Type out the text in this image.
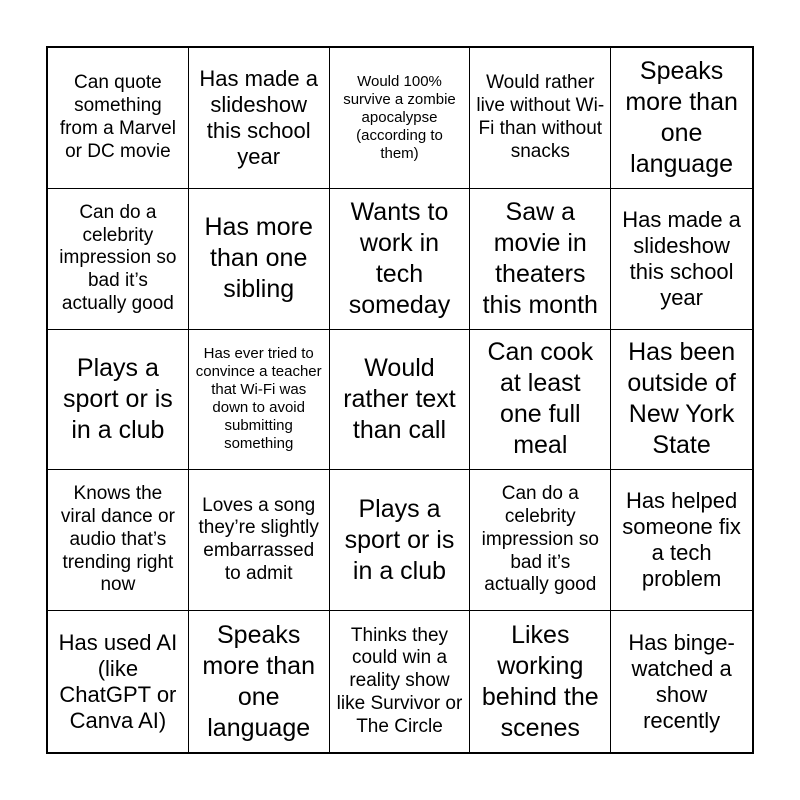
Can quote something from a Marvel or DC movie
Has made a slideshow this school year
Would 100% survive a zombie apocalypse (according to them)
Would rather live without Wi-Fi than without snacks
Speaks more than one language
Can do a celebrity impression so bad it’s actually good
Has more than one sibling
Wants to work in tech someday
Saw a movie in theaters this month
Has made a slideshow this school year
Plays a sport or is in a club
Has ever tried to convince a teacher that Wi-Fi was down to avoid submitting something
Would rather text than call
Can cook at least one full meal
Has been outside of New York State
Knows the viral dance or audio that’s trending right now
Loves a song they’re slightly embarrassed to admit
Plays a sport or is in a club
Can do a celebrity impression so bad it’s actually good
Has helped someone fix a tech problem
Has used AI (like ChatGPT or Canva AI)
Speaks more than one language
Thinks they could win a reality show like Survivor or The Circle
Likes working behind the scenes
Has binge-watched a show recently
